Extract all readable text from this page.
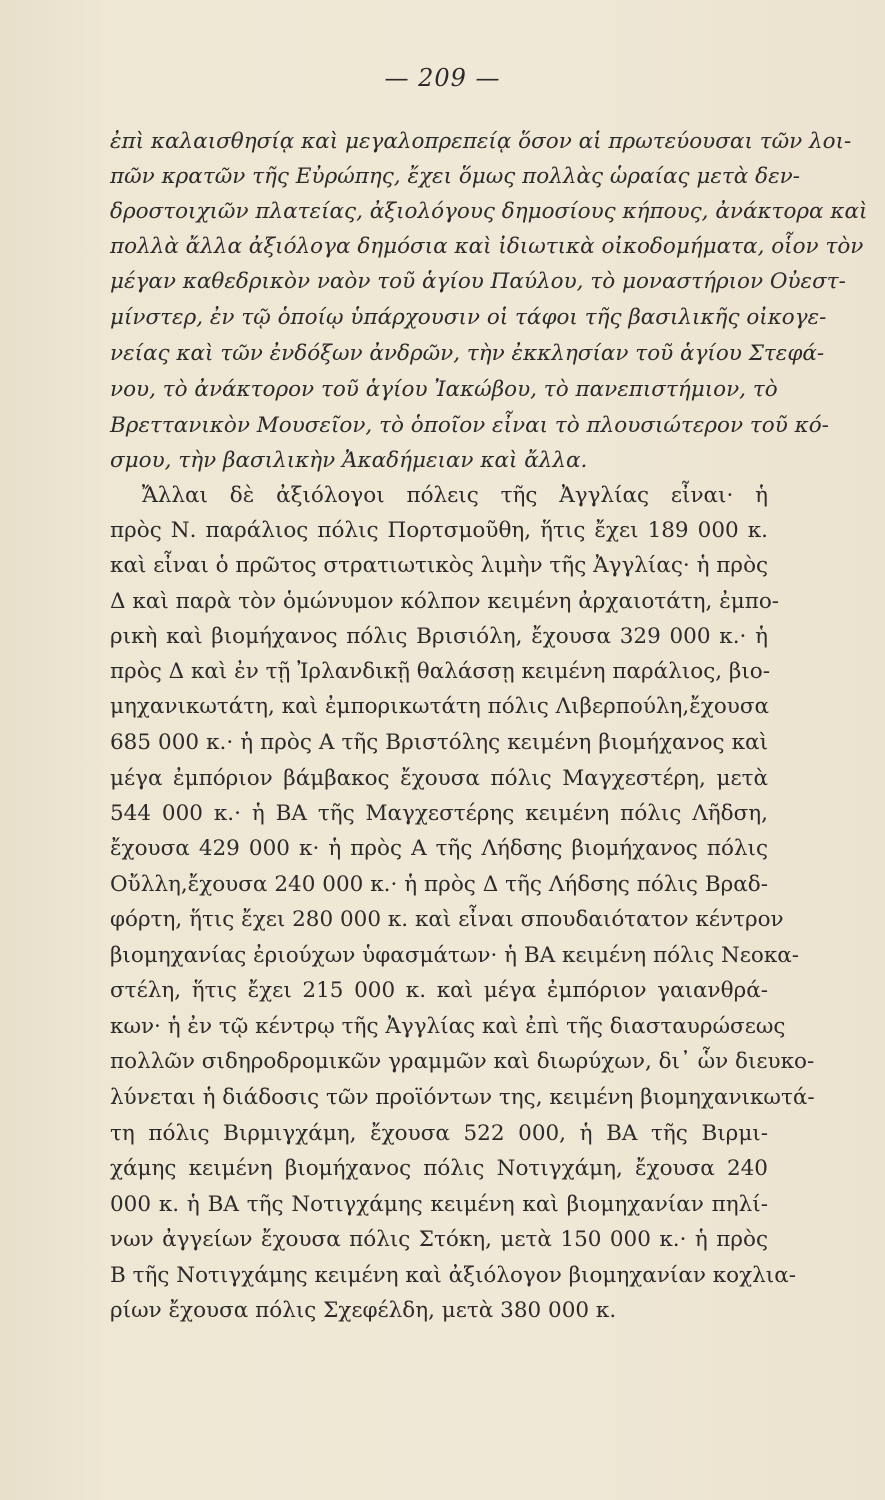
— 209 —
ἐπὶ καλαισθησίᾳ καὶ μεγαλοπρεπείᾳ ὅσον αἱ πρωτεύουσαι τῶν λοι-
πῶν κρατῶν τῆς Εὐρώπης, ἔχει ὅμως πολλὰς ὡραίας μετὰ δεν-
δροστοιχιῶν πλατείας, ἀξιολόγους δημοσίους κήπους, ἀνάκτορα καὶ
πολλὰ ἄλλα ἀξιόλογα δημόσια καὶ ἰδιωτικὰ οἰκοδομήματα, οἷον τὸν
μέγαν καθεδρικὸν ναὸν τοῦ ἁγίου Παύλου, τὸ μοναστήριον Οὐεστ-
μίνστερ, ἐν τῷ ὁποίῳ ὑπάρχουσιν οἱ τάφοι τῆς βασιλικῆς οἰκογε-
νείας καὶ τῶν ἐνδόξων ἀνδρῶν, τὴν ἐκκλησίαν τοῦ ἁγίου Στεφά-
νου, τὸ ἀνάκτορον τοῦ ἁγίου Ἰακώβου, τὸ πανεπιστήμιον, τὸ
Βρεττανικὸν Μουσεῖον, τὸ ὁποῖον εἶναι τὸ πλουσιώτερον τοῦ κό-
σμου, τὴν βασιλικὴν Ἀκαδήμειαν καὶ ἄλλα.
Ἄλλαι δὲ ἀξιόλογοι πόλεις τῆς Ἀγγλίας εἶναι· ἡ
πρὸς Ν. παράλιος πόλις Πορτσμοῦθη, ἥτις ἔχει 189 000 κ.
καὶ εἶναι ὁ πρῶτος στρατιωτικὸς λιμὴν τῆς Ἀγγλίας· ἡ πρὸς
Δ καὶ παρὰ τὸν ὁμώνυμον κόλπον κειμένη ἀρχαιοτάτη, ἐμπο-
ρικὴ καὶ βιομήχανος πόλις Βρισιόλη, ἔχουσα 329 000 κ.· ἡ
πρὸς Δ καὶ ἐν τῇ Ἰρλανδικῇ θαλάσσῃ κειμένη παράλιος, βιο-
μηχανικωτάτη, καὶ ἐμπορικωτάτη πόλις Λιβερπούλη,ἔχουσα
685 000 κ.· ἡ πρὸς Α τῆς Βριστόλης κειμένη βιομήχανος καὶ
μέγα ἐμπόριον βάμβακος ἔχουσα πόλις Μαγχεστέρη, μετὰ
544 000 κ.· ἡ ΒΑ τῆς Μαγχεστέρης κειμένη πόλις Λῆδση,
ἔχουσα 429 000 κ· ἡ πρὸς Α τῆς Λήδσης βιομήχανος πόλις
Οὔλλη,ἔχουσα 240 000 κ.· ἡ πρὸς Δ τῆς Λήδσης πόλις Βραδ-
φόρτη, ἥτις ἔχει 280 000 κ. καὶ εἶναι σπουδαιότατον κέντρον
βιομηχανίας ἐριούχων ὑφασμάτων· ἡ ΒΑ κειμένη πόλις Νεοκα-
στέλη, ἥτις ἔχει 215 000 κ. καὶ μέγα ἐμπόριον γαιανθρά-
κων· ἡ ἐν τῷ κέντρῳ τῆς Ἀγγλίας καὶ ἐπὶ τῆς διασταυρώσεως
πολλῶν σιδηροδρομικῶν γραμμῶν καὶ διωρύχων, δι᾽ ὧν διευκο-
λύνεται ἡ διάδοσις τῶν προϊόντων της, κειμένη βιομηχανικωτά-
τη πόλις Βιρμιγχάμη, ἔχουσα 522 000, ἡ ΒΑ τῆς Βιρμι-
χάμης κειμένη βιομήχανος πόλις Νοτιγχάμη, ἔχουσα 240
000 κ. ἡ ΒΑ τῆς Νοτιγχάμης κειμένη καὶ βιομηχανίαν πηλί-
νων ἀγγείων ἔχουσα πόλις Στόκη, μετὰ 150 000 κ.· ἡ πρὸς
Β τῆς Νοτιγχάμης κειμένη καὶ ἀξιόλογον βιομηχανίαν κοχλια-
ρίων ἔχουσα πόλις Σχεφέλδη, μετὰ 380 000 κ.
